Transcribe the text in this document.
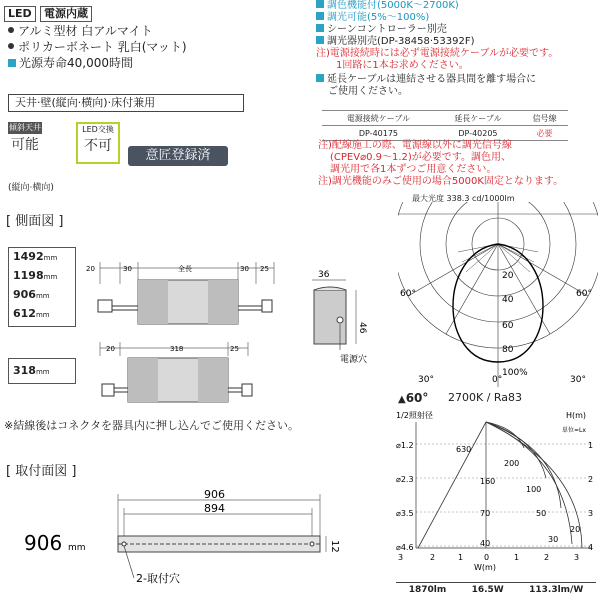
LED	電源内蔵
アルミ型材 白アルマイト
ポリカーボネート 乳白(マット)
光源寿命40,000時間
天井·壁(縦向·横向)·床付兼用
傾斜天井
可能
LED交換
不可
意匠登録済
(縦向·横向)
調色機能付(5000K〜2700K)
調光可能(5%〜100%)
シーンコントローラー別売
調光器別売(DP-38458·53392F)
注)電源接続時には必ず電源接続ケーブルが必要です。
1回路に1本お求めください。
延長ケーブルは連結させる器具間を離す場合に
ご使用ください。
電源接続ケーブル	延長ケーブル	信号線
DP-40175	DP-40205	必要
注)配線施工の際、電源線以外に調光信号線
(CPEV⌀0.9〜1.2)が必要です。調色用、
調光用で各1本ずつご用意ください。
注)調光機能のみご使用の場合5000K固定となります。
[ 側面図 ]
1492mm
1198mm
906mm
612mm
318mm
20	30	全長	30 25
20	318	25
36
46
電源穴
※結線後はコネクタを器具内に押し込んでご使用ください。
[ 取付面図 ]
906
894
906 mm	12
2-取付穴
最大光度 338.3 cd/1000lm
20
40
60
80
100%
60°	60°
30°	0°	30°
▲60° 2700K / Ra83
1/2照射径	H(m)
単位=Lx
⌀1.2
⌀2.3
⌀3.5
⌀4.6
1
2
3
4
630
200
160
100
70	50
40	30
20
3	2	1	0	1	2	3
W(m)
1870lm	16.5W	113.3lm/W
